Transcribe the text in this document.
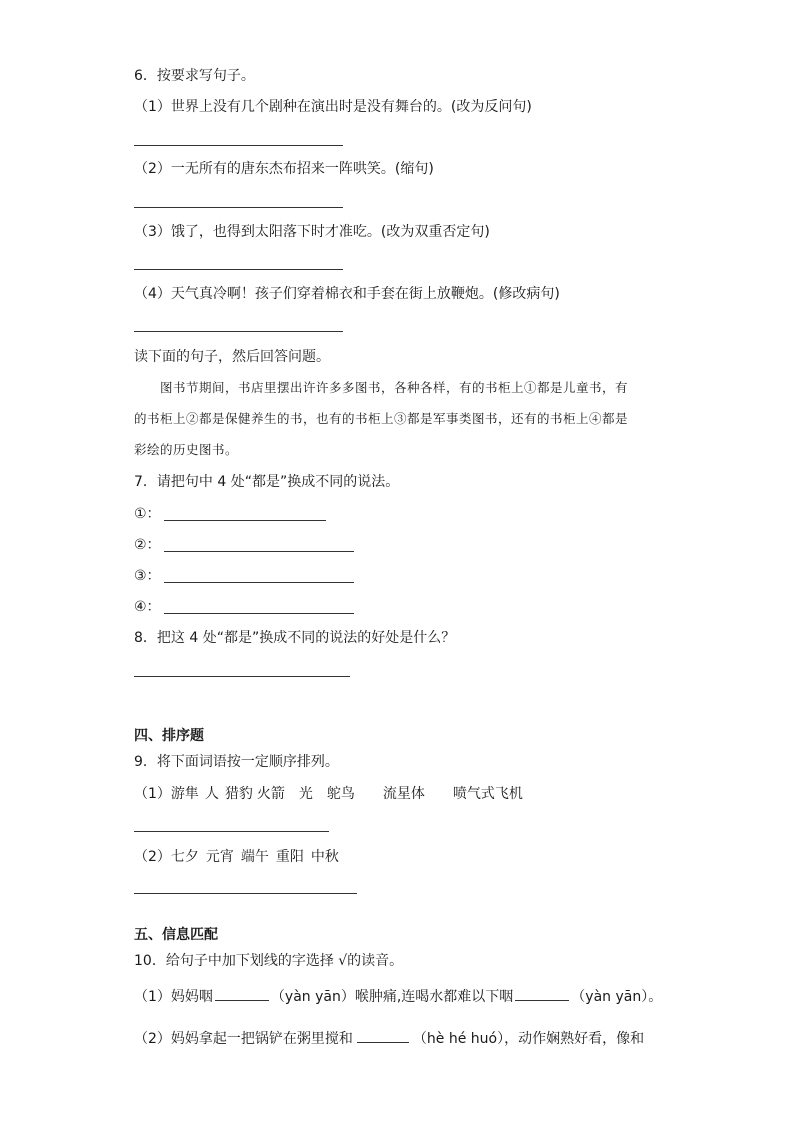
6．按要求写句子。
（1）世界上没有几个剧种在演出时是没有舞台的。(改为反问句)
（2）一无所有的唐东杰布招来一阵哄笑。(缩句)
（3）饿了，也得到太阳落下时才准吃。(改为双重否定句)
（4）天气真冷啊！孩子们穿着棉衣和手套在街上放鞭炮。(修改病句)
读下面的句子，然后回答问题。
图书节期间，书店里摆出许许多多图书，各种各样，有的书柜上①都是儿童书，有
的书柜上②都是保健养生的书，也有的书柜上③都是军事类图书，还有的书柜上④都是
彩绘的历史图书。
7．请把句中 4 处“都是”换成不同的说法。
①：
②：
③：
④：
8．把这 4 处“都是”换成不同的说法的好处是什么？
四、排序题
9．将下面词语按一定顺序排列。
（1）游隼 人 猎豹 火箭 光 鸵鸟 流星体 喷气式飞机
（2）七夕 元宵 端午 重阳 中秋
五、信息匹配
10．给句子中加下划线的字选择 √的读音。
（1）妈妈咽	（yàn yān）喉肿痛,连喝水都难以下咽	（yàn yān）。
（2）妈妈拿起一把锅铲在粥里搅和	（hè hé huó），动作娴熟好看，像和
